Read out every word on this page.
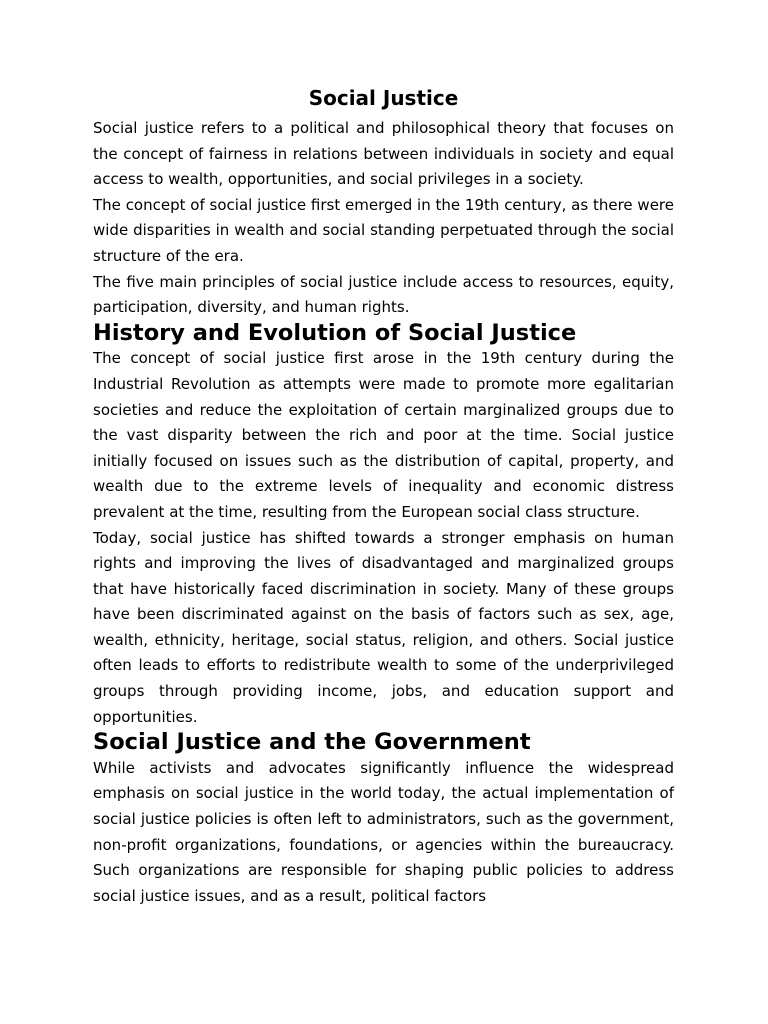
Social Justice

Social justice refers to a political and philosophical theory that focuses on the concept of fairness in relations between individuals in society and equal access to wealth, opportunities, and social privileges in a society.

The concept of social justice first emerged in the 19th century, as there were wide disparities in wealth and social standing perpetuated through the social structure of the era.

The five main principles of social justice include access to resources, equity, participation, diversity, and human rights.

History and Evolution of Social Justice

The concept of social justice first arose in the 19th century during the Industrial Revolution as attempts were made to promote more egalitarian societies and reduce the exploitation of certain marginalized groups due to the vast disparity between the rich and poor at the time. Social justice initially focused on issues such as the distribution of capital, property, and wealth due to the extreme levels of inequality and economic distress prevalent at the time, resulting from the European social class structure.

Today, social justice has shifted towards a stronger emphasis on human rights and improving the lives of disadvantaged and marginalized groups that have historically faced discrimination in society. Many of these groups have been discriminated against on the basis of factors such as sex, age, wealth, ethnicity, heritage, social status, religion, and others. Social justice often leads to efforts to redistribute wealth to some of the underprivileged groups through providing income, jobs, and education support and opportunities.

Social Justice and the Government

While activists and advocates significantly influence the widespread emphasis on social justice in the world today, the actual implementation of social justice policies is often left to administrators, such as the government, non-profit organizations, foundations, or agencies within the bureaucracy. Such organizations are responsible for shaping public policies to address social justice issues, and as a result, political factors
